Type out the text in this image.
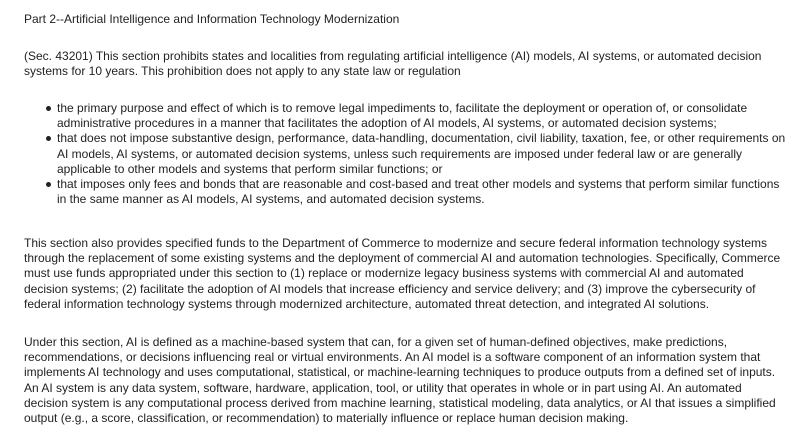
Part 2--Artificial Intelligence and Information Technology Modernization

(Sec. 43201) This section prohibits states and localities from regulating artificial intelligence (AI) models, AI systems, or automated decision systems for 10 years. This prohibition does not apply to any state law or regulation

the primary purpose and effect of which is to remove legal impediments to, facilitate the deployment or operation of, or consolidate administrative procedures in a manner that facilitates the adoption of AI models, AI systems, or automated decision systems;
that does not impose substantive design, performance, data-handling, documentation, civil liability, taxation, fee, or other requirements on AI models, AI systems, or automated decision systems, unless such requirements are imposed under federal law or are generally applicable to other models and systems that perform similar functions; or
that imposes only fees and bonds that are reasonable and cost-based and treat other models and systems that perform similar functions in the same manner as AI models, AI systems, and automated decision systems.

This section also provides specified funds to the Department of Commerce to modernize and secure federal information technology systems through the replacement of some existing systems and the deployment of commercial AI and automation technologies. Specifically, Commerce must use funds appropriated under this section to (1) replace or modernize legacy business systems with commercial AI and automated decision systems; (2) facilitate the adoption of AI models that increase efficiency and service delivery; and (3) improve the cybersecurity of federal information technology systems through modernized architecture, automated threat detection, and integrated AI solutions.

Under this section, AI is defined as a machine-based system that can, for a given set of human-defined objectives, make predictions, recommendations, or decisions influencing real or virtual environments. An AI model is a software component of an information system that implements AI technology and uses computational, statistical, or machine-learning techniques to produce outputs from a defined set of inputs. An AI system is any data system, software, hardware, application, tool, or utility that operates in whole or in part using AI. An automated decision system is any computational process derived from machine learning, statistical modeling, data analytics, or AI that issues a simplified output (e.g., a score, classification, or recommendation) to materially influence or replace human decision making.
